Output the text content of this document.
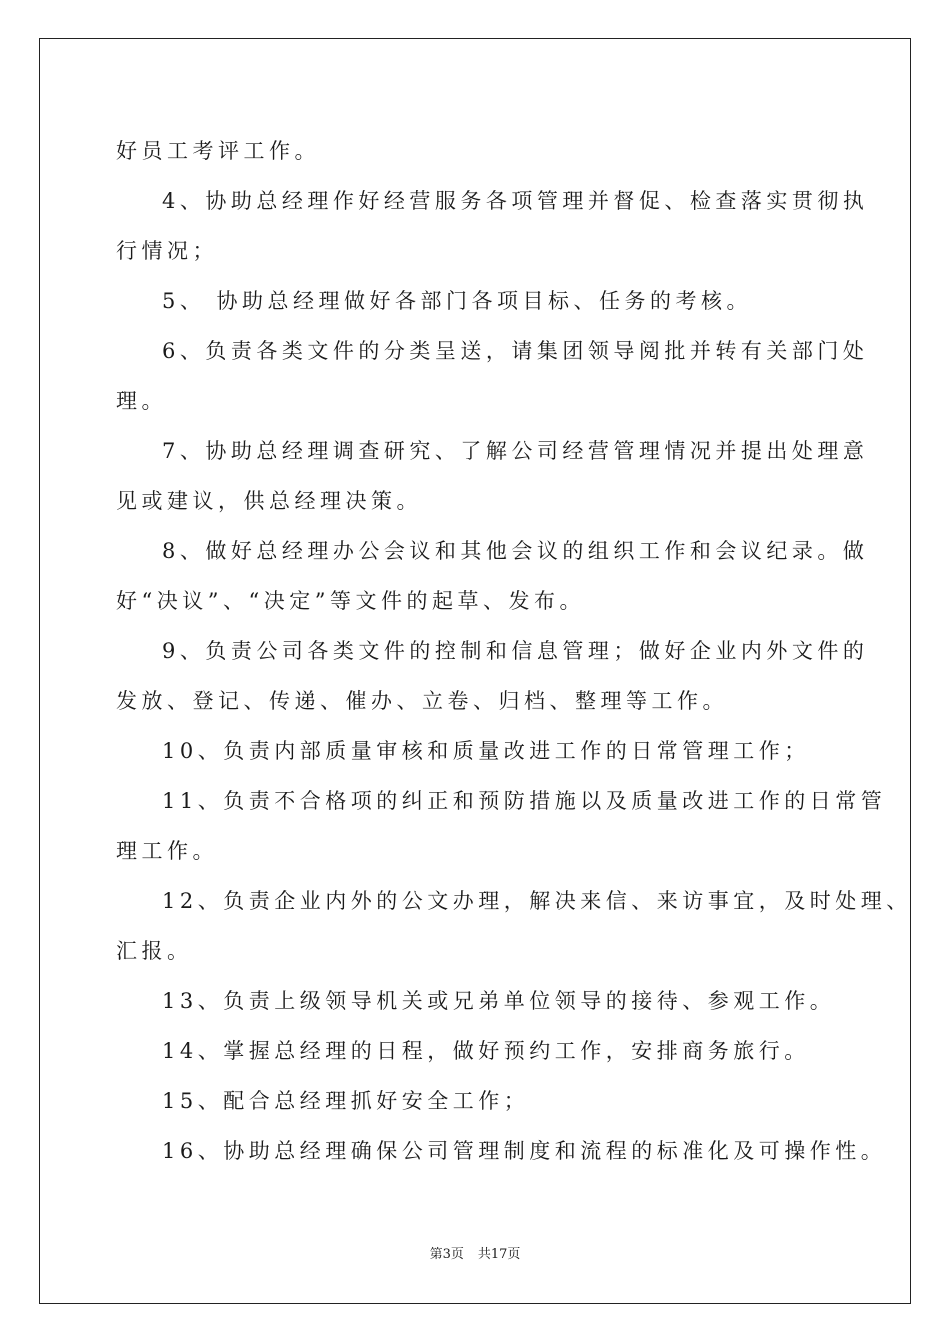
好员工考评工作。
4、协助总经理作好经营服务各项管理并督促、检查落实贯彻执
行情况；
5、 协助总经理做好各部门各项目标、任务的考核。
6、负责各类文件的分类呈送，请集团领导阅批并转有关部门处
理。
7、协助总经理调查研究、了解公司经营管理情况并提出处理意
见或建议，供总经理决策。
8、做好总经理办公会议和其他会议的组织工作和会议纪录。做
好“决议”、“决定”等文件的起草、发布。
9、负责公司各类文件的控制和信息管理；做好企业内外文件的
发放、登记、传递、催办、立卷、归档、整理等工作。
10、负责内部质量审核和质量改进工作的日常管理工作；
11、负责不合格项的纠正和预防措施以及质量改进工作的日常管
理工作。
12、负责企业内外的公文办理，解决来信、来访事宜，及时处理、
汇报。
13、负责上级领导机关或兄弟单位领导的接待、参观工作。
14、掌握总经理的日程，做好预约工作，安排商务旅行。
15、配合总经理抓好安全工作；
16、协助总经理确保公司管理制度和流程的标准化及可操作性。
第3页 共17页
